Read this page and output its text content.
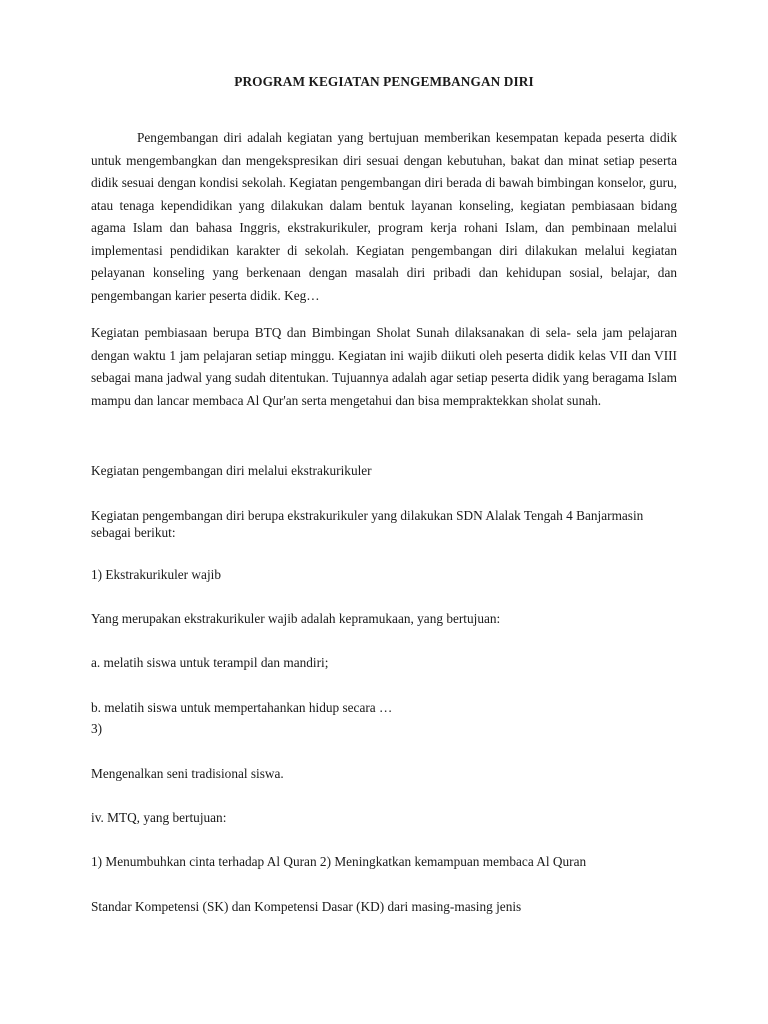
PROGRAM KEGIATAN PENGEMBANGAN DIRI

Pengembangan diri adalah kegiatan yang bertujuan memberikan kesempatan kepada peserta didik untuk mengembangkan dan mengekspresikan diri sesuai dengan kebutuhan, bakat dan minat setiap peserta didik sesuai dengan kondisi sekolah. Kegiatan pengembangan diri berada di bawah bimbingan konselor, guru, atau tenaga kependidikan yang dilakukan dalam bentuk layanan konseling, kegiatan pembiasaan bidang agama Islam dan bahasa Inggris, ekstrakurikuler, program kerja rohani Islam, dan pembinaan melalui implementasi pendidikan karakter di sekolah. Kegiatan pengembangan diri dilakukan melalui kegiatan pelayanan konseling yang berkenaan dengan masalah diri pribadi dan kehidupan sosial, belajar, dan pengembangan karier peserta didik. Keg…

Kegiatan pembiasaan berupa BTQ dan Bimbingan Sholat Sunah dilaksanakan di sela- sela jam pelajaran dengan waktu 1 jam pelajaran setiap minggu. Kegiatan ini wajib diikuti oleh peserta didik kelas VII dan VIII sebagai mana jadwal yang sudah ditentukan. Tujuannya adalah agar setiap peserta didik yang beragama Islam mampu dan lancar membaca Al Qur'an serta mengetahui dan bisa mempraktekkan sholat sunah.

Kegiatan pengembangan diri melalui ekstrakurikuler

Kegiatan pengembangan diri berupa ekstrakurikuler yang dilakukan SDN Alalak Tengah 4 Banjarmasin sebagai berikut:

1) Ekstrakurikuler wajib

Yang merupakan ekstrakurikuler wajib adalah kepramukaan, yang bertujuan:

a. melatih siswa untuk terampil dan mandiri;

b. melatih siswa untuk mempertahankan hidup secara …

3)

Mengenalkan seni tradisional siswa.

iv. MTQ, yang bertujuan:

1) Menumbuhkan cinta terhadap Al Quran 2) Meningkatkan kemampuan membaca Al Quran

Standar Kompetensi (SK) dan Kompetensi Dasar (KD) dari masing-masing jenis
